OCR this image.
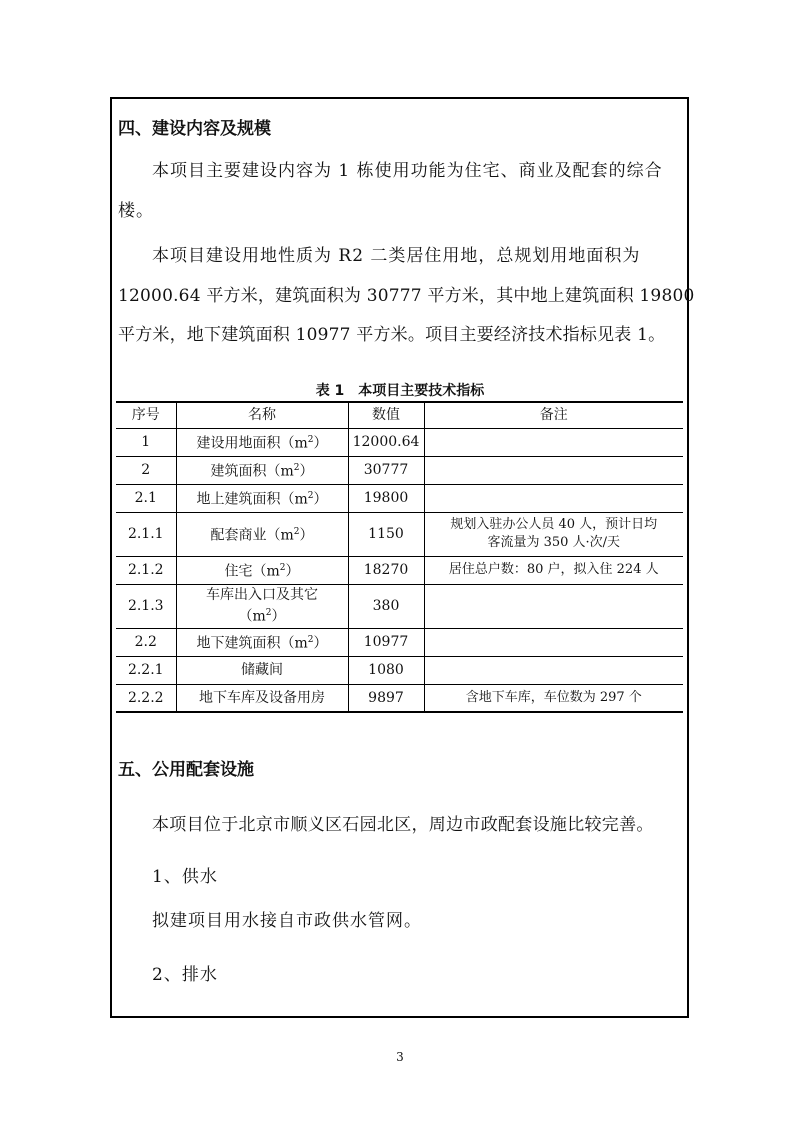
四、建设内容及规模
本项目主要建设内容为 1 栋使用功能为住宅、商业及配套的综合
楼。
本项目建设用地性质为 R2 二类居住用地，总规划用地面积为
12000.64 平方米，建筑面积为 30777 平方米，其中地上建筑面积 19800
平方米，地下建筑面积 10977 平方米。项目主要经济技术指标见表 1。
表 1　本项目主要技术指标
序号	名称	数值	备注
1	建设用地面积$(m^2)$	12000.64	
2	建筑面积$(m^2)$	30777	
2.1	地上建筑面积$(m^2)$	19800	
2.1.1	配套商业$(m^2)$	1150	规划入驻办公人员 40 人，预计日均
客流量为 350 人·次/天

2.1.2	住宅$(m^2)$	18270	居住总户数：80 户，拟入住 224 人
2.1.3	车库出入口及其它
$(m^2)$	380	
2.2	地下建筑面积$(m^2)$	10977	
2.2.1	储藏间	1080	
2.2.2	地下车库及设备用房	9897	含地下车库，车位数为 297 个
五、公用配套设施
本项目位于北京市顺义区石园北区，周边市政配套设施比较完善。
1、供水
拟建项目用水接自市政供水管网。
2、排水
3
